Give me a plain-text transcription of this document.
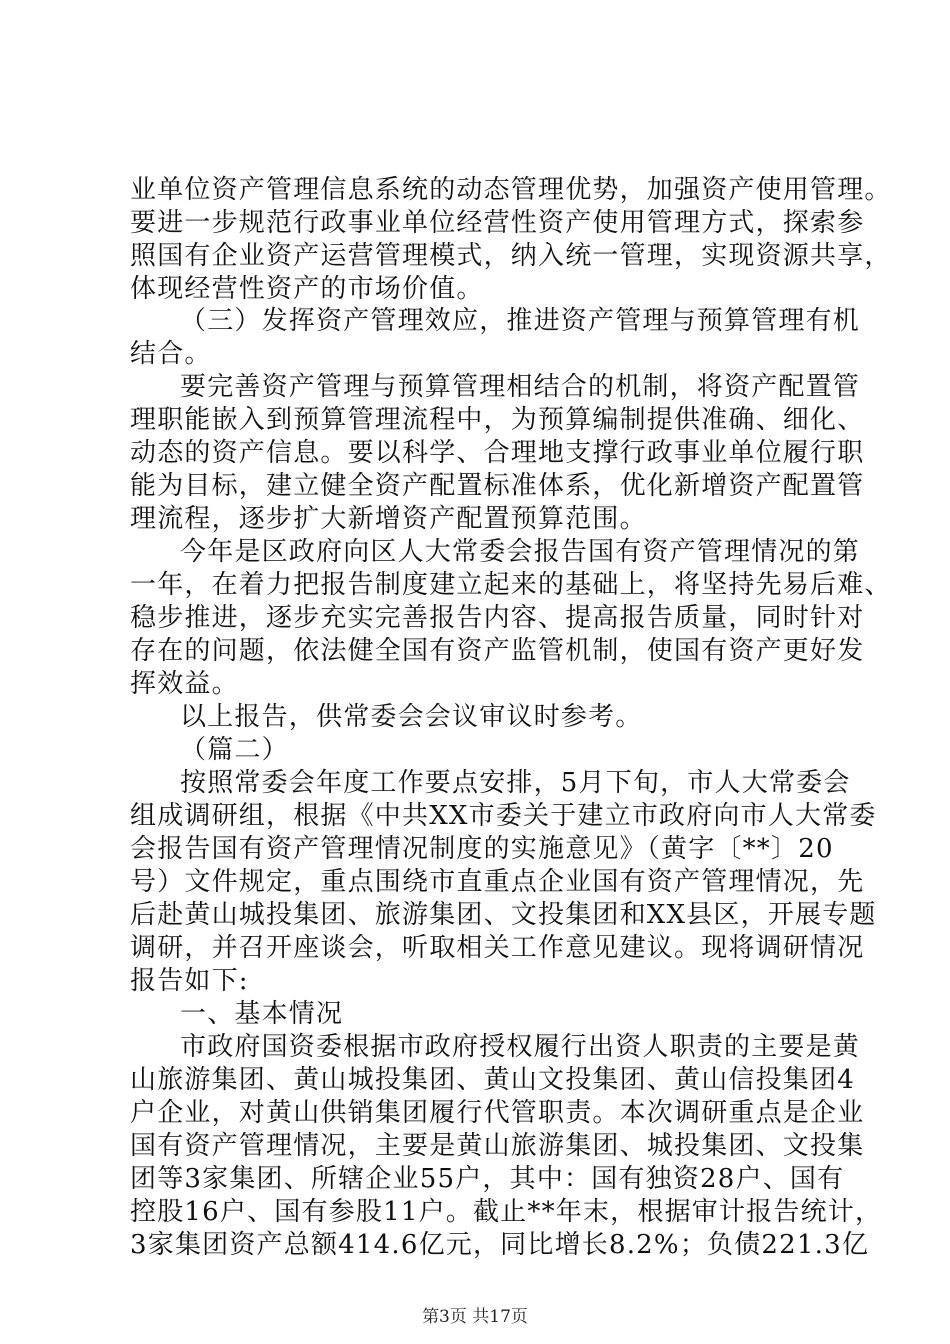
业单位资产管理信息系统的动态管理优势，加强资产使用管理。
要进一步规范行政事业单位经营性资产使用管理方式，探索参
照国有企业资产运营管理模式，纳入统一管理，实现资源共享，
体现经营性资产的市场价值。
（三）发挥资产管理效应，推进资产管理与预算管理有机
结合。
要完善资产管理与预算管理相结合的机制，将资产配置管
理职能嵌入到预算管理流程中，为预算编制提供准确、细化、
动态的资产信息。要以科学、合理地支撑行政事业单位履行职
能为目标，建立健全资产配置标准体系，优化新增资产配置管
理流程，逐步扩大新增资产配置预算范围。
今年是区政府向区人大常委会报告国有资产管理情况的第
一年，在着力把报告制度建立起来的基础上，将坚持先易后难、
稳步推进，逐步充实完善报告内容、提高报告质量，同时针对
存在的问题，依法健全国有资产监管机制，使国有资产更好发
挥效益。
以上报告，供常委会会议审议时参考。
（篇二）
按照常委会年度工作要点安排，5月下旬，市人大常委会
组成调研组，根据《中共XX市委关于建立市政府向市人大常委
会报告国有资产管理情况制度的实施意见》（黄字〔**〕20
号）文件规定，重点围绕市直重点企业国有资产管理情况，先
后赴黄山城投集团、旅游集团、文投集团和XX县区，开展专题
调研，并召开座谈会，听取相关工作意见建议。现将调研情况
报告如下:
一、基本情况
市政府国资委根据市政府授权履行出资人职责的主要是黄
山旅游集团、黄山城投集团、黄山文投集团、黄山信投集团4
户企业，对黄山供销集团履行代管职责。本次调研重点是企业
国有资产管理情况，主要是黄山旅游集团、城投集团、文投集
团等3家集团、所辖企业55户，其中：国有独资28户、国有
控股16户、国有参股11户。截止**年末，根据审计报告统计，
3家集团资产总额414.6亿元，同比增长8.2%；负债221.3亿
第3页 共17页
